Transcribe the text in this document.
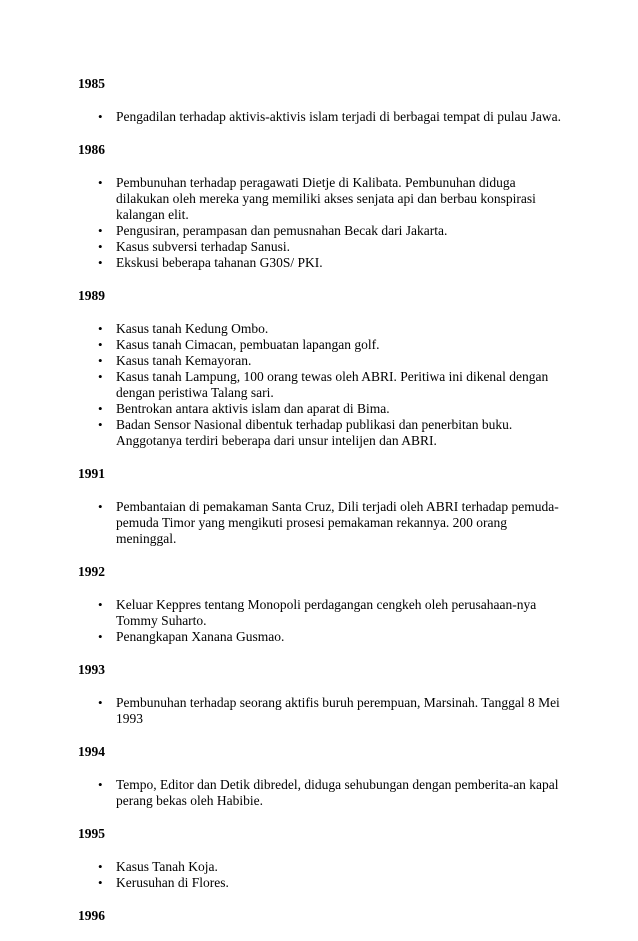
1985
• Pengadilan terhadap aktivis-aktivis islam terjadi di berbagai tempat di pulau Jawa.
1986
• Pembunuhan terhadap peragawati Dietje di Kalibata. Pembunuhan diduga dilakukan oleh mereka yang memiliki akses senjata api dan berbau konspirasi kalangan elit.
• Pengusiran, perampasan dan pemusnahan Becak dari Jakarta.
• Kasus subversi terhadap Sanusi.
• Ekskusi beberapa tahanan G30S/ PKI.
1989
• Kasus tanah Kedung Ombo.
• Kasus tanah Cimacan, pembuatan lapangan golf.
• Kasus tanah Kemayoran.
• Kasus tanah Lampung, 100 orang tewas oleh ABRI. Peritiwa ini dikenal dengan dengan peristiwa Talang sari.
• Bentrokan antara aktivis islam dan aparat di Bima.
• Badan Sensor Nasional dibentuk terhadap publikasi dan penerbitan buku. Anggotanya terdiri beberapa dari unsur intelijen dan ABRI.
1991
• Pembantaian di pemakaman Santa Cruz, Dili terjadi oleh ABRI terhadap pemuda-pemuda Timor yang mengikuti prosesi pemakaman rekannya. 200 orang meninggal.
1992
• Keluar Keppres tentang Monopoli perdagangan cengkeh oleh perusahaan-nya Tommy Suharto.
• Penangkapan Xanana Gusmao.
1993
• Pembunuhan terhadap seorang aktifis buruh perempuan, Marsinah. Tanggal 8 Mei 1993
1994
• Tempo, Editor dan Detik dibredel, diduga sehubungan dengan pemberita-an kapal perang bekas oleh Habibie.
1995
• Kasus Tanah Koja.
• Kerusuhan di Flores.
1996
